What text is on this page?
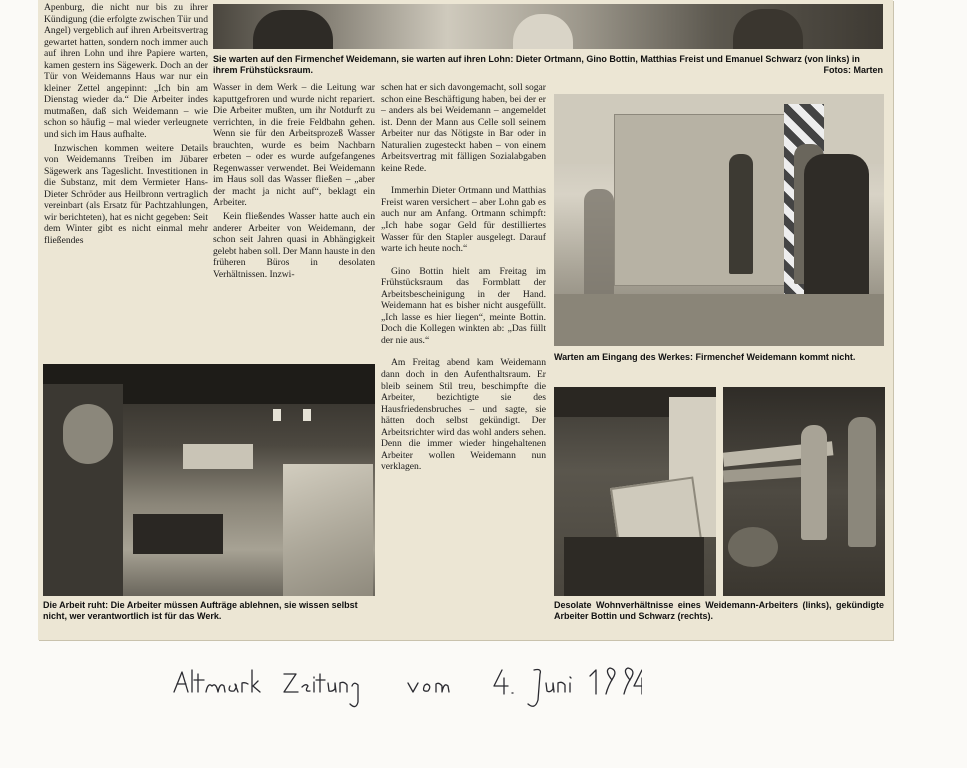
Sie warten auf den Firmenchef Weidemann, sie warten auf ihren Lohn: Dieter Ortmann, Gino Bottin, Matthias Freist und Emanuel Schwarz (von links) in ihrem Frühstücksraum.	Fotos: Marten

Apenburg, die nicht nur bis zu ihrer Kündigung (die erfolgte zwischen Tür und Angel) vergeblich auf ihren Arbeitsvertrag gewartet hatten, sondern noch immer auch auf ihren Lohn und ihre Papiere warten, kamen gestern ins Sägewerk. Doch an der Tür von Weidemanns Haus war nur ein kleiner Zettel angepinnt: „Ich bin am Dienstag wieder da.“ Die Arbeiter indes mutmaßen, daß sich Weidemann – wie schon so häufig – mal wieder verleugnete und sich im Haus aufhalte.

Inzwischen kommen weitere Details von Weidemanns Treiben im Jübarer Sägewerk ans Tageslicht. Investitionen in die Substanz, mit dem Vermieter Hans-Dieter Schröder aus Heilbronn vertraglich vereinbart (als Ersatz für Pachtzahlungen, wir berichteten), hat es nicht gegeben: Seit dem Winter gibt es nicht einmal mehr fließendes

Wasser in dem Werk – die Leitung war kaputtgefroren und wurde nicht repariert. Die Arbeiter mußten, um ihr Notdurft zu verrichten, in die freie Feldbahn gehen. Wenn sie für den Arbeitsprozeß Wasser brauchten, wurde es beim Nachbarn erbeten – oder es wurde aufgefangenes Regenwasser verwendet. Bei Weidemann im Haus soll das Wasser fließen – „aber der macht ja nicht auf“, beklagt ein Arbeiter.

Kein fließendes Wasser hatte auch ein anderer Arbeiter von Weidemann, der schon seit Jahren quasi in Abhängigkeit gelebt haben soll. Der Mann hauste in den früheren Büros in desolaten Verhältnissen. Inzwi-

schen hat er sich davongemacht, soll sogar schon eine Beschäftigung haben, bei der er – anders als bei Weidemann – angemeldet ist. Denn der Mann aus Celle soll seinem Arbeiter nur das Nötigste in Bar oder in Naturalien zugesteckt haben – von einem Arbeitsvertrag mit fälligen Sozialabgaben keine Rede.

Immerhin Dieter Ortmann und Matthias Freist waren versichert – aber Lohn gab es auch nur am Anfang. Ortmann schimpft: „Ich habe sogar Geld für destilliertes Wasser für den Stapler ausgelegt. Darauf warte ich heute noch.“

Gino Bottin hielt am Freitag im Frühstücksraum das Formblatt der Arbeitsbescheinigung in der Hand. Weidemann hat es bisher nicht ausgefüllt. „Ich lasse es hier liegen“, meinte Bottin. Doch die Kollegen winkten ab: „Das füllt der nie aus.“

Am Freitag abend kam Weidemann dann doch in den Aufenthaltsraum. Er bleib seinem Stil treu, beschimpfte die Arbeiter, bezichtigte sie des Hausfriedensbruches – und sagte, sie hätten doch selbst gekündigt. Der Arbeitsrichter wird das wohl anders sehen. Denn die immer wieder hingehaltenen Arbeiter wollen Weidemann nun verklagen.

Warten am Eingang des Werkes: Firmenchef Weidemann kommt nicht.
Die Arbeit ruht: Die Arbeiter müssen Aufträge ablehnen, sie wissen selbst nicht, wer verantwortlich ist für das Werk.
Desolate Wohnverhältnisse eines Weidemann-Arbeiters (links), gekündigte Arbeiter Bottin und Schwarz (rechts).
